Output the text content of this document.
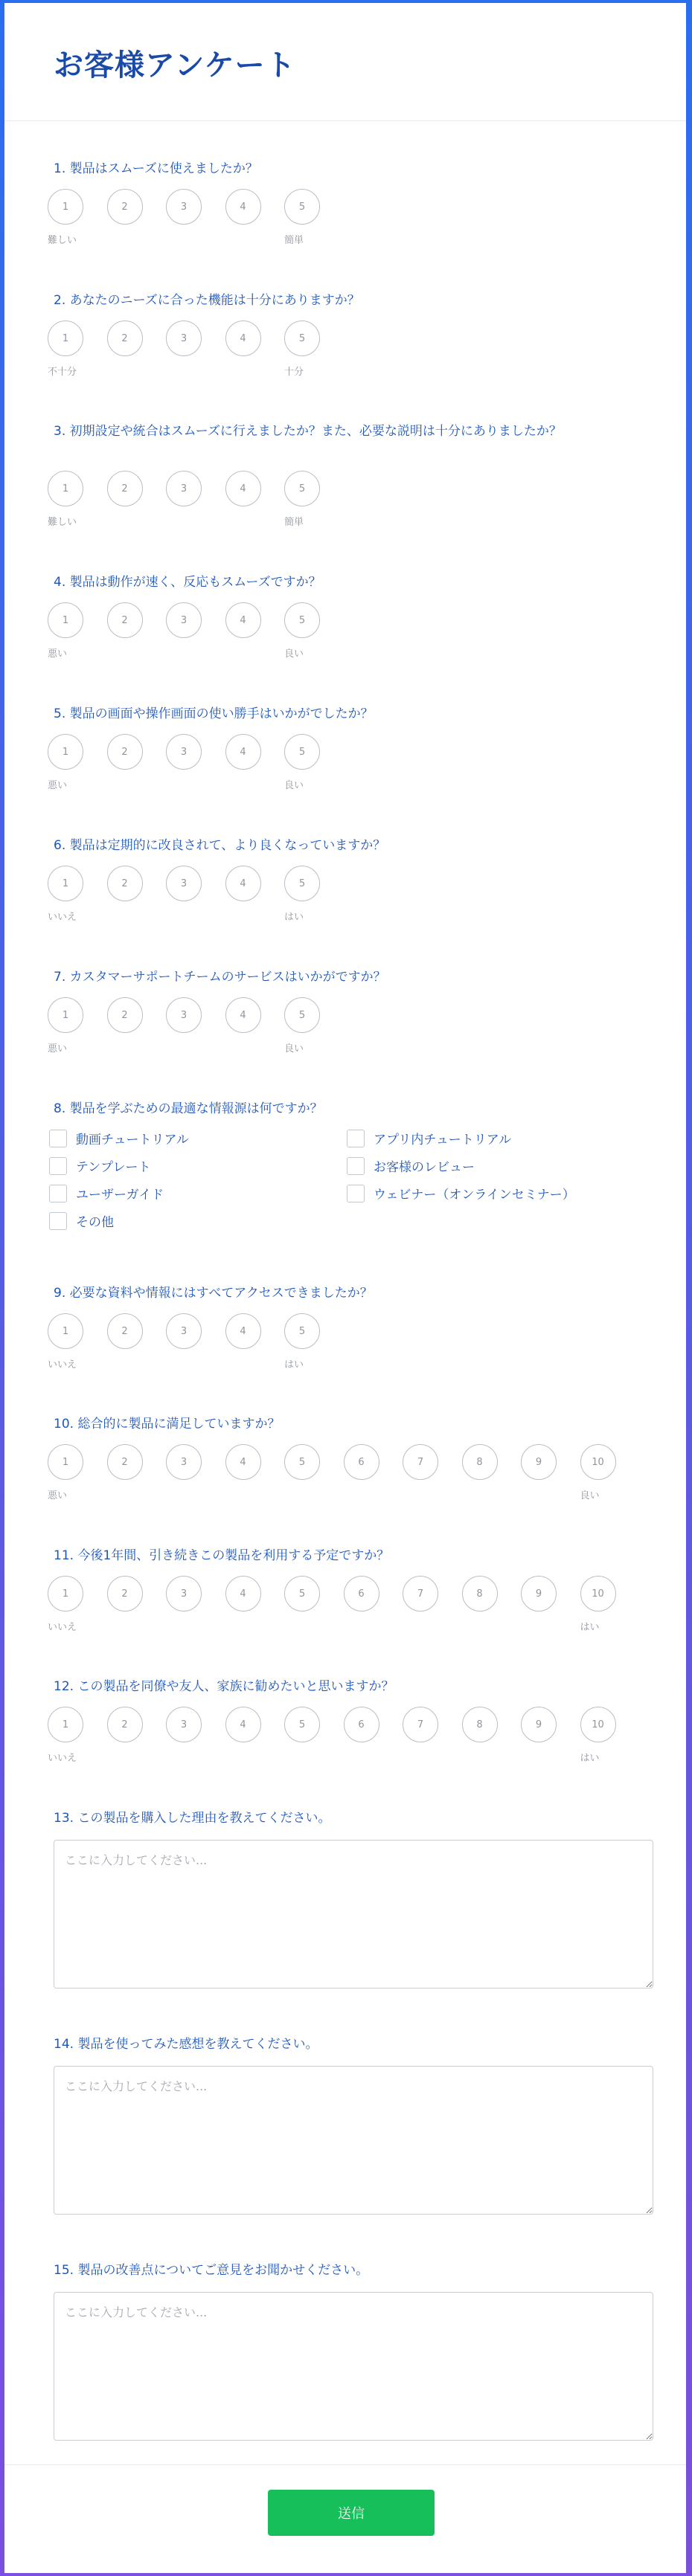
お客様アンケート

1. 製品はスムーズに使えましたか？

1	2	3	4	5
難しい	簡単

2. あなたのニーズに合った機能は十分にありますか？

1	2	3	4	5
不十分	十分

3. 初期設定や統合はスムーズに行えましたか？また、必要な説明は十分にありましたか？

1	2	3	4	5
難しい	簡単

4. 製品は動作が速く、反応もスムーズですか？

1	2	3	4	5
悪い	良い

5. 製品の画面や操作画面の使い勝手はいかがでしたか？

1	2	3	4	5
悪い	良い

6. 製品は定期的に改良されて、より良くなっていますか？

1	2	3	4	5
いいえ	はい

7. カスタマーサポートチームのサービスはいかがですか？

1	2	3	4	5
悪い	良い

8. 製品を学ぶための最適な情報源は何ですか？

動画チュートリアル	アプリ内チュートリアル
テンプレート	お客様のレビュー
ユーザーガイド	ウェビナー（オンラインセミナー）
その他

9. 必要な資料や情報にはすべてアクセスできましたか？

1	2	3	4	5
いいえ	はい

10. 総合的に製品に満足していますか？

1	2	3	4	5	6	7	8	9	10
悪い	良い

11. 今後1年間、引き続きこの製品を利用する予定ですか？

1	2	3	4	5	6	7	8	9	10
いいえ	はい

12. この製品を同僚や友人、家族に勧めたいと思いますか？

1	2	3	4	5	6	7	8	9	10
いいえ	はい

13. この製品を購入した理由を教えてください。

ここに入力してください...

14. 製品を使ってみた感想を教えてください。

ここに入力してください...

15. 製品の改善点についてご意見をお聞かせください。

ここに入力してください...
送信
